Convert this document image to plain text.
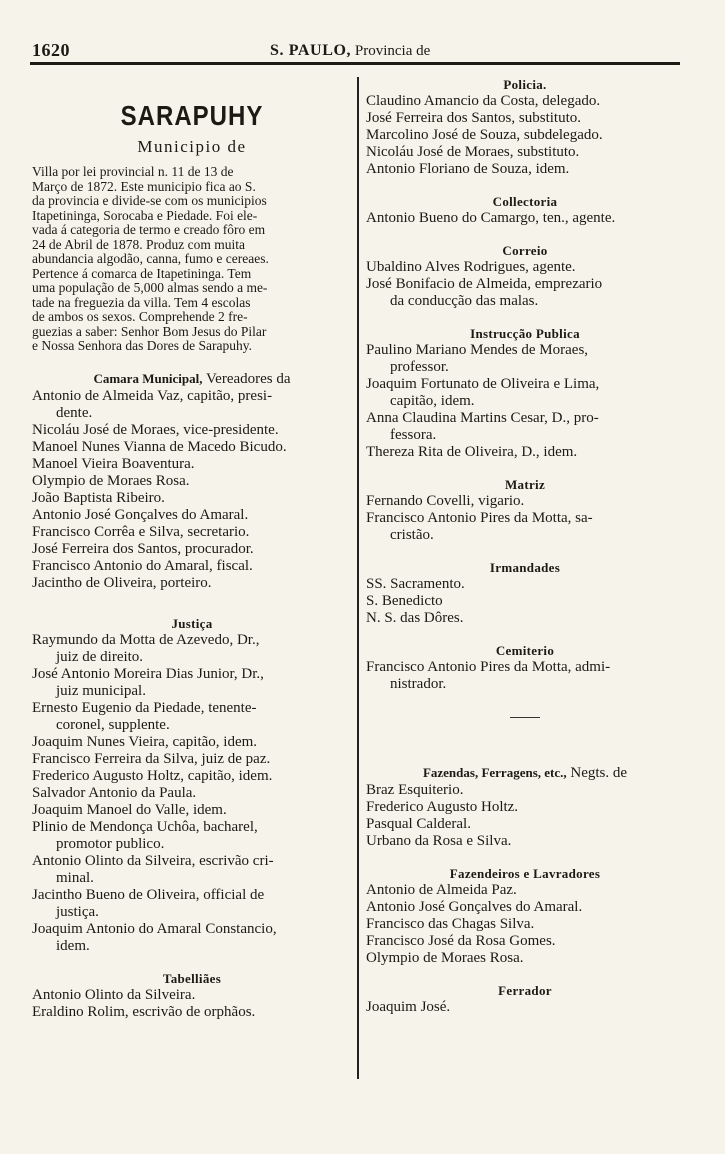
1620	S. PAULO, Provincia de
SARAPUHY
Municipio de

Villa por lei provincial n. 11 de 13 de

Março de 1872. Este municipio fica ao S.

da provincia e divide-se com os municipios

Itapetininga, Sorocaba e Piedade. Foi ele-

vada á categoria de termo e creado fôro em

24 de Abril de 1878. Produz com muita

abundancia algodão, canna, fumo e cereaes.

Pertence á comarca de Itapetininga. Tem

uma população de 5,000 almas sendo a me-

tade na freguezia da villa. Tem 4 escolas

de ambos os sexos. Comprehende 2 fre-

guezias a saber: Senhor Bom Jesus do Pilar

e Nossa Senhora das Dores de Sarapuhy.

Camara Municipal, Vereadores da
Antonio de Almeida Vaz, capitão, presi-
dente.
Nicoláu José de Moraes, vice-presidente.
Manoel Nunes Vianna de Macedo Bicudo.
Manoel Vieira Boaventura.
Olympio de Moraes Rosa.
João Baptista Ribeiro.
Antonio José Gonçalves do Amaral.
Francisco Corrêa e Silva, secretario.
José Ferreira dos Santos, procurador.
Francisco Antonio do Amaral, fiscal.
Jacintho de Oliveira, porteiro.
Justiça
Raymundo da Motta de Azevedo, Dr.,
juiz de direito.
José Antonio Moreira Dias Junior, Dr.,
juiz municipal.
Ernesto Eugenio da Piedade, tenente-
coronel, supplente.
Joaquim Nunes Vieira, capitão, idem.
Francisco Ferreira da Silva, juiz de paz.
Frederico Augusto Holtz, capitão, idem.
Salvador Antonio da Paula.
Joaquim Manoel do Valle, idem.
Plinio de Mendonça Uchôa, bacharel,
promotor publico.
Antonio Olinto da Silveira, escrivão cri-
minal.
Jacintho Bueno de Oliveira, official de
justiça.
Joaquim Antonio do Amaral Constancio,
idem.
Tabelliães
Antonio Olinto da Silveira.
Eraldino Rolim, escrivão de orphãos.
Policia.
Claudino Amancio da Costa, delegado.
José Ferreira dos Santos, substituto.
Marcolino José de Souza, subdelegado.
Nicoláu José de Moraes, substituto.
Antonio Floriano de Souza, idem.
Collectoria
Antonio Bueno do Camargo, ten., agente.
Correio
Ubaldino Alves Rodrigues, agente.
José Bonifacio de Almeida, emprezario
da conducção das malas.
Instrucção Publica
Paulino Mariano Mendes de Moraes,
professor.
Joaquim Fortunato de Oliveira e Lima,
capitão, idem.
Anna Claudina Martins Cesar, D., pro-
fessora.
Thereza Rita de Oliveira, D., idem.
Matriz
Fernando Covelli, vigario.
Francisco Antonio Pires da Motta, sa-
cristão.
Irmandades
SS. Sacramento.
S. Benedicto
N. S. das Dôres.
Cemiterio
Francisco Antonio Pires da Motta, admi-
nistrador.
Fazendas, Ferragens, etc., Negts. de
Braz Esquiterio.
Frederico Augusto Holtz.
Pasqual Calderal.
Urbano da Rosa e Silva.
Fazendeiros e Lavradores
Antonio de Almeida Paz.
Antonio José Gonçalves do Amaral.
Francisco das Chagas Silva.
Francisco José da Rosa Gomes.
Olympio de Moraes Rosa.
Ferrador
Joaquim José.
